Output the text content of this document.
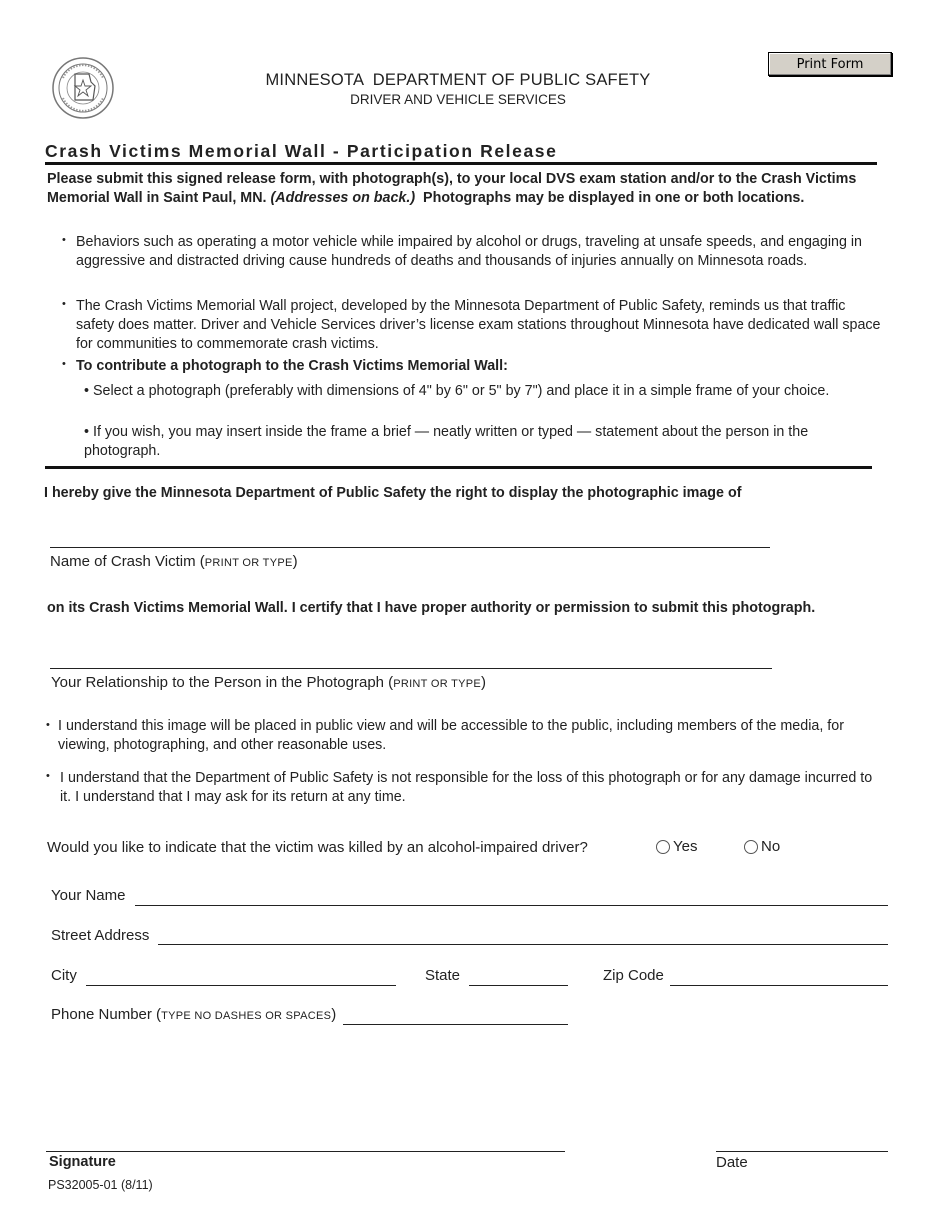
MINNESOTA  DEPARTMENT OF PUBLIC SAFETY
DRIVER AND VEHICLE SERVICES
Print Form
Crash Victims Memorial Wall - Participation Release
Please submit this signed release form, with photograph(s), to your local DVS exam station and/or to the Crash Victims Memorial Wall in Saint Paul, MN. (Addresses on back.)  Photographs may be displayed in one or both locations.
• Behaviors such as operating a motor vehicle while impaired by alcohol or drugs, traveling at unsafe speeds, and engaging in aggressive and distracted driving cause hundreds of deaths and thousands of injuries annually on Minnesota roads.
• The Crash Victims Memorial Wall project, developed by the Minnesota Department of Public Safety, reminds us that traffic safety does matter. Driver and Vehicle Services driver’s license exam stations throughout Minnesota have dedicated wall space for communities to commemorate crash victims.
• To contribute a photograph to the Crash Victims Memorial Wall:
• Select a photograph (preferably with dimensions of 4" by 6" or 5" by 7") and place it in a simple frame of your choice.
• If you wish, you may insert inside the frame a brief — neatly written or typed — statement about the person in the photograph.
I hereby give the Minnesota Department of Public Safety the right to display the photographic image of
Name of Crash Victim (PRINT OR TYPE)
on its Crash Victims Memorial Wall. I certify that I have proper authority or permission to submit this photograph.
Your Relationship to the Person in the Photograph (PRINT OR TYPE)
• I understand this image will be placed in public view and will be accessible to the public, including members of the media, for viewing, photographing, and other reasonable uses.
• I understand that the Department of Public Safety is not responsible for the loss of this photograph or for any damage incurred to it. I understand that I may ask for its return at any time.
Would you like to indicate that the victim was killed by an alcohol-impaired driver?	Yes	No
Your Name
Street Address
City	State	Zip Code
Phone Number (TYPE NO DASHES OR SPACES)
Signature	Date
PS32005-01 (8/11)
